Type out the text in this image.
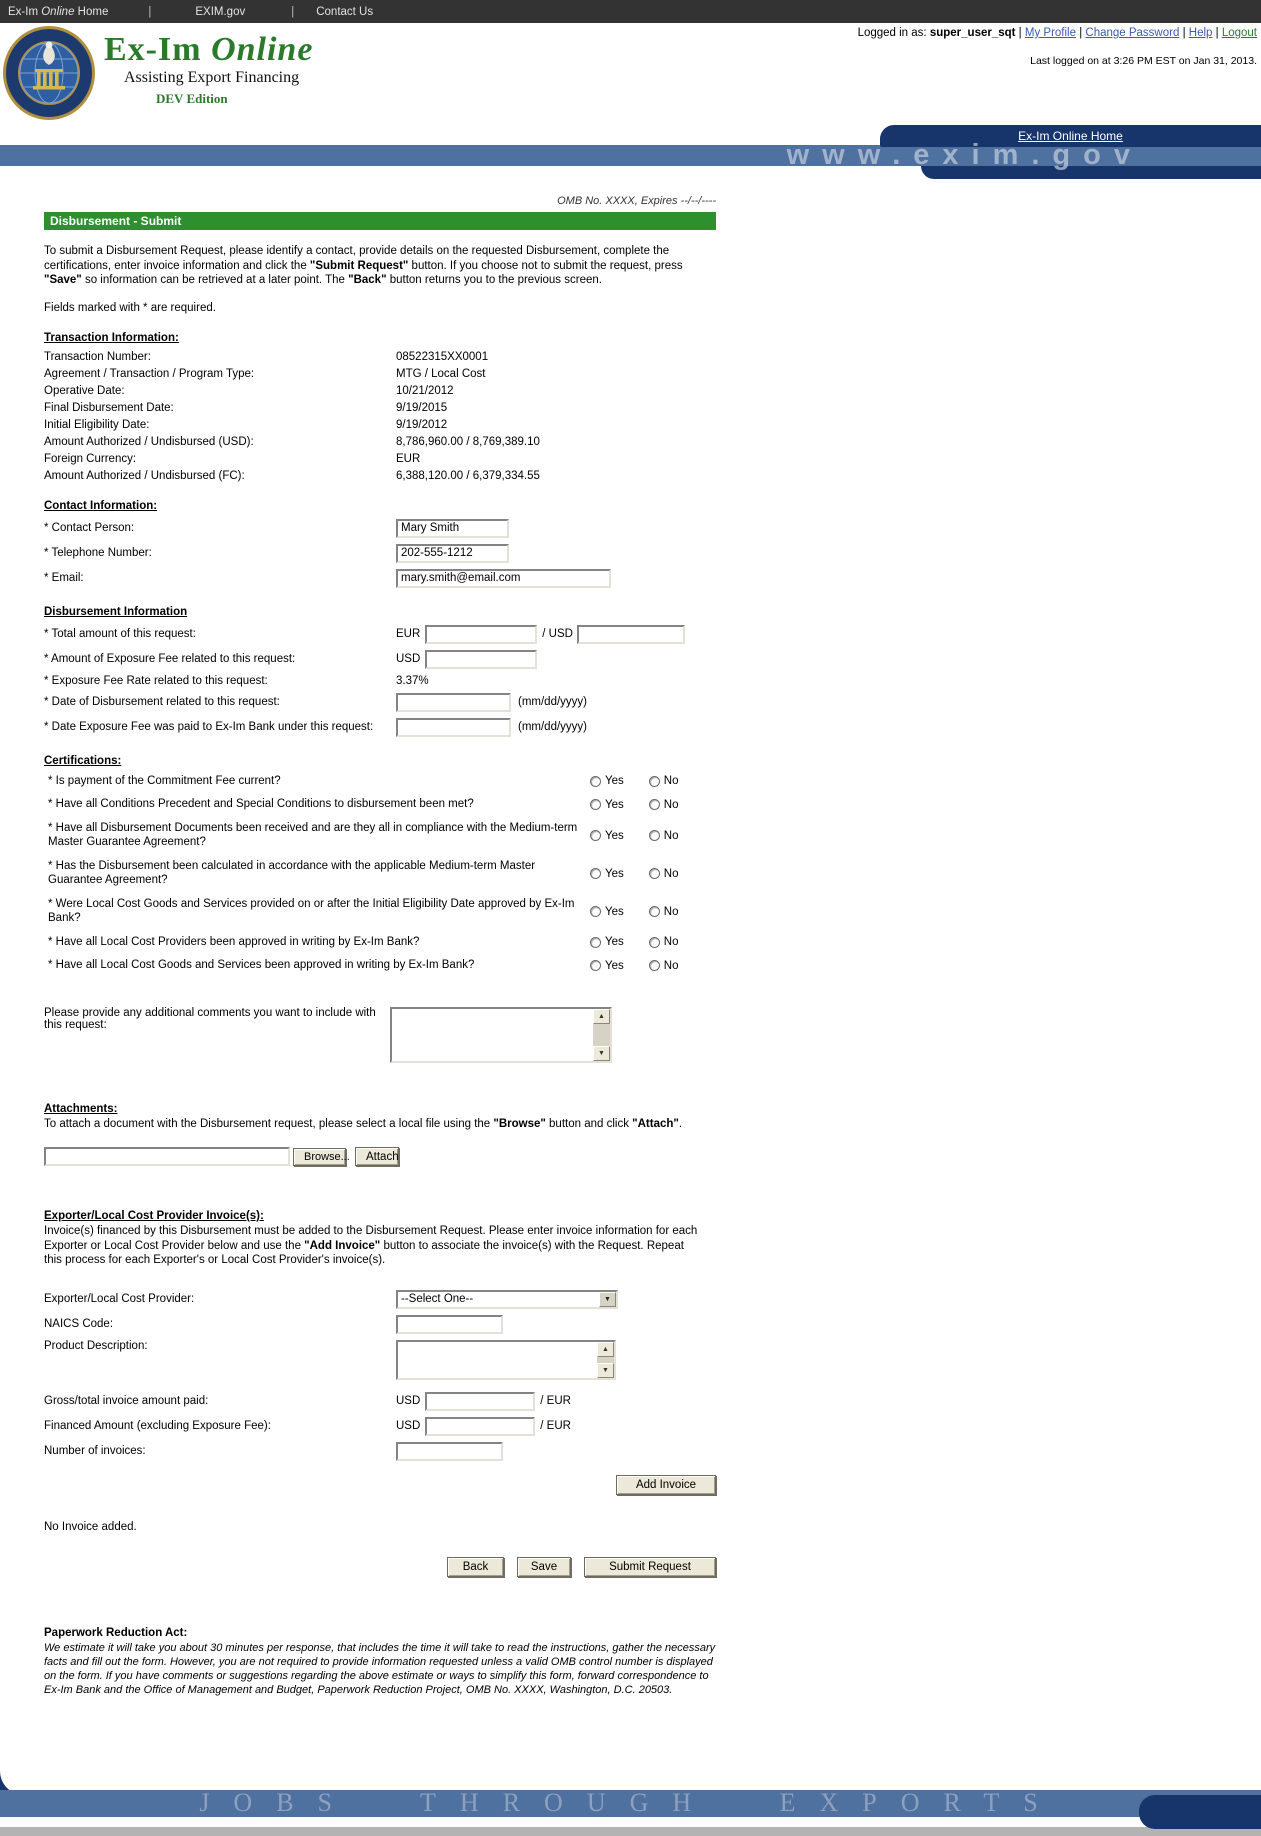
Ex-Im Online Home	|	EXIM.gov	| Contact Us
Ex-Im Online
Assisting Export Financing
DEV Edition
Logged in as: super_user_sqt | My Profile | Change Password | Help | Logout
Last logged on at 3:26 PM EST on Jan 31, 2013.
Ex-Im Online Home
www.exim.gov
OMB No. XXXX, Expires --/--/----
Disbursement - Submit
To submit a Disbursement Request, please identify a contact, provide details on the requested Disbursement, complete the certifications, enter invoice information and click the "Submit Request" button. If you choose not to submit the request, press "Save" so information can be retrieved at a later point. The "Back" button returns you to the previous screen.
Fields marked with * are required.
Transaction Information:
Transaction Number:	08522315XX0001
Agreement / Transaction / Program Type:	MTG / Local Cost
Operative Date:	10/21/2012
Final Disbursement Date:	9/19/2015
Initial Eligibility Date:	9/19/2012
Amount Authorized / Undisbursed (USD):	8,786,960.00 / 8,769,389.10
Foreign Currency:	EUR
Amount Authorized / Undisbursed (FC):	6,388,120.00 / 6,379,334.55
Contact Information:
* Contact Person:
Mary Smith
* Telephone Number:
202-555-1212
* Email:
mary.smith@email.com
Disbursement Information
* Total amount of this request:	EUR	/ USD
* Amount of Exposure Fee related to this request:	USD
* Exposure Fee Rate related to this request:	3.37%
* Date of Disbursement related to this request:	(mm/dd/yyyy)
* Date Exposure Fee was paid to Ex-Im Bank under this request:	(mm/dd/yyyy)
Certifications:
* Is payment of the Commitment Fee current?	Yes	No
* Have all Conditions Precedent and Special Conditions to disbursement been met?	Yes	No
* Have all Disbursement Documents been received and are they all in compliance with the Medium-term Master Guarantee Agreement?
Yes	No
* Has the Disbursement been calculated in accordance with the applicable Medium-term Master Guarantee Agreement?
Yes	No
* Were Local Cost Goods and Services provided on or after the Initial Eligibility Date approved by Ex-Im Bank?
Yes	No
* Have all Local Cost Providers been approved in writing by Ex-Im Bank?	Yes	No
* Have all Local Cost Goods and Services been approved in writing by Ex-Im Bank?	Yes	No
Please provide any additional comments you want to include with this request:
▲
▼
Attachments:
To attach a document with the Disbursement request, please select a local file using the "Browse" button and click "Attach".
Browse...	Attach
Exporter/Local Cost Provider Invoice(s):
Invoice(s) financed by this Disbursement must be added to the Disbursement Request. Please enter invoice information for each Exporter or Local Cost Provider below and use the "Add Invoice" button to associate the invoice(s) with the Request. Repeat this process for each Exporter's or Local Cost Provider's invoice(s).
Exporter/Local Cost Provider:	--Select One--	▼
NAICS Code:
Product Description:	▲
▼
Gross/total invoice amount paid:	USD	/ EUR
Financed Amount (excluding Exposure Fee):	USD	/ EUR
Number of invoices:
Add Invoice
No Invoice added.
Back	Save	Submit Request
Paperwork Reduction Act:
We estimate it will take you about 30 minutes per response, that includes the time it will take to read the instructions, gather the necessary facts and fill out the form. However, you are not required to provide information requested unless a valid OMB control number is displayed on the form. If you have comments or suggestions regarding the above estimate or ways to simplify this form, forward correspondence to Ex-Im Bank and the Office of Management and Budget, Paperwork Reduction Project, OMB No. XXXX, Washington, D.C. 20503.
JOBS THROUGH EXPORTS
